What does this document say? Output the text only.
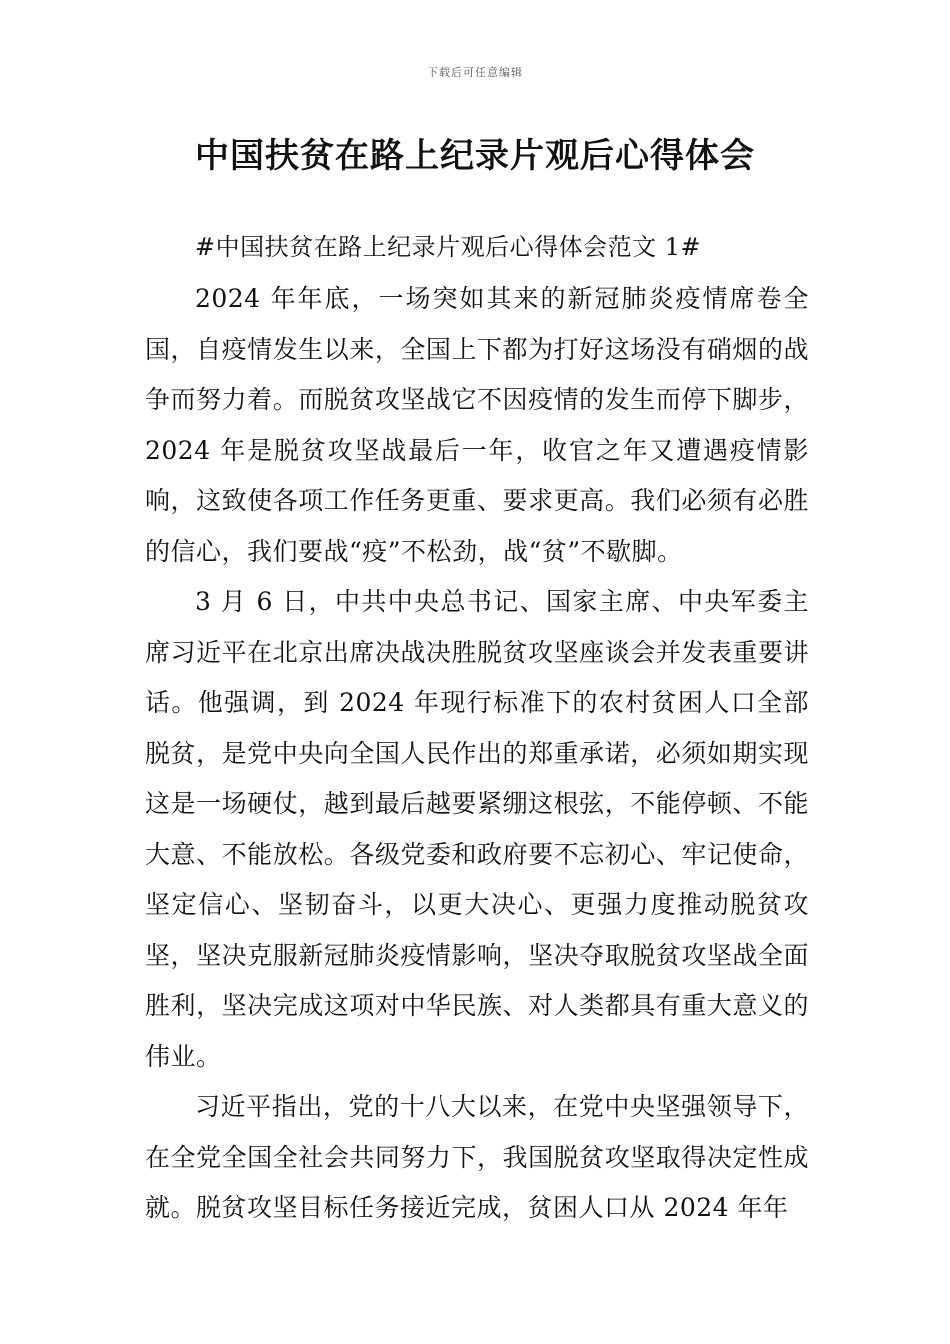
下载后可任意编辑
中国扶贫在路上纪录片观后心得体会

#中国扶贫在路上纪录片观后心得体会范文 1#

2024 年年底，一场突如其来的新冠肺炎疫情席卷全国，自疫情发生以来，全国上下都为打好这场没有硝烟的战争而努力着。而脱贫攻坚战它不因疫情的发生而停下脚步，2024 年是脱贫攻坚战最后一年，收官之年又遭遇疫情影响，这致使各项工作任务更重、要求更高。我们必须有必胜的信心，我们要战“疫”不松劲，战“贫”不歇脚。

3 月 6 日，中共中央总书记、国家主席、中央军委主席习近平在北京出席决战决胜脱贫攻坚座谈会并发表重要讲话。他强调，到 2024 年现行标准下的农村贫困人口全部脱贫，是党中央向全国人民作出的郑重承诺，必须如期实现这是一场硬仗，越到最后越要紧绷这根弦，不能停顿、不能大意、不能放松。各级党委和政府要不忘初心、牢记使命，坚定信心、坚韧奋斗，以更大决心、更强力度推动脱贫攻坚，坚决克服新冠肺炎疫情影响，坚决夺取脱贫攻坚战全面胜利，坚决完成这项对中华民族、对人类都具有重大意义的伟业。

习近平指出，党的十八大以来，在党中央坚强领导下，在全党全国全社会共同努力下，我国脱贫攻坚取得决定性成就。脱贫攻坚目标任务接近完成，贫困人口从 2024 年年
